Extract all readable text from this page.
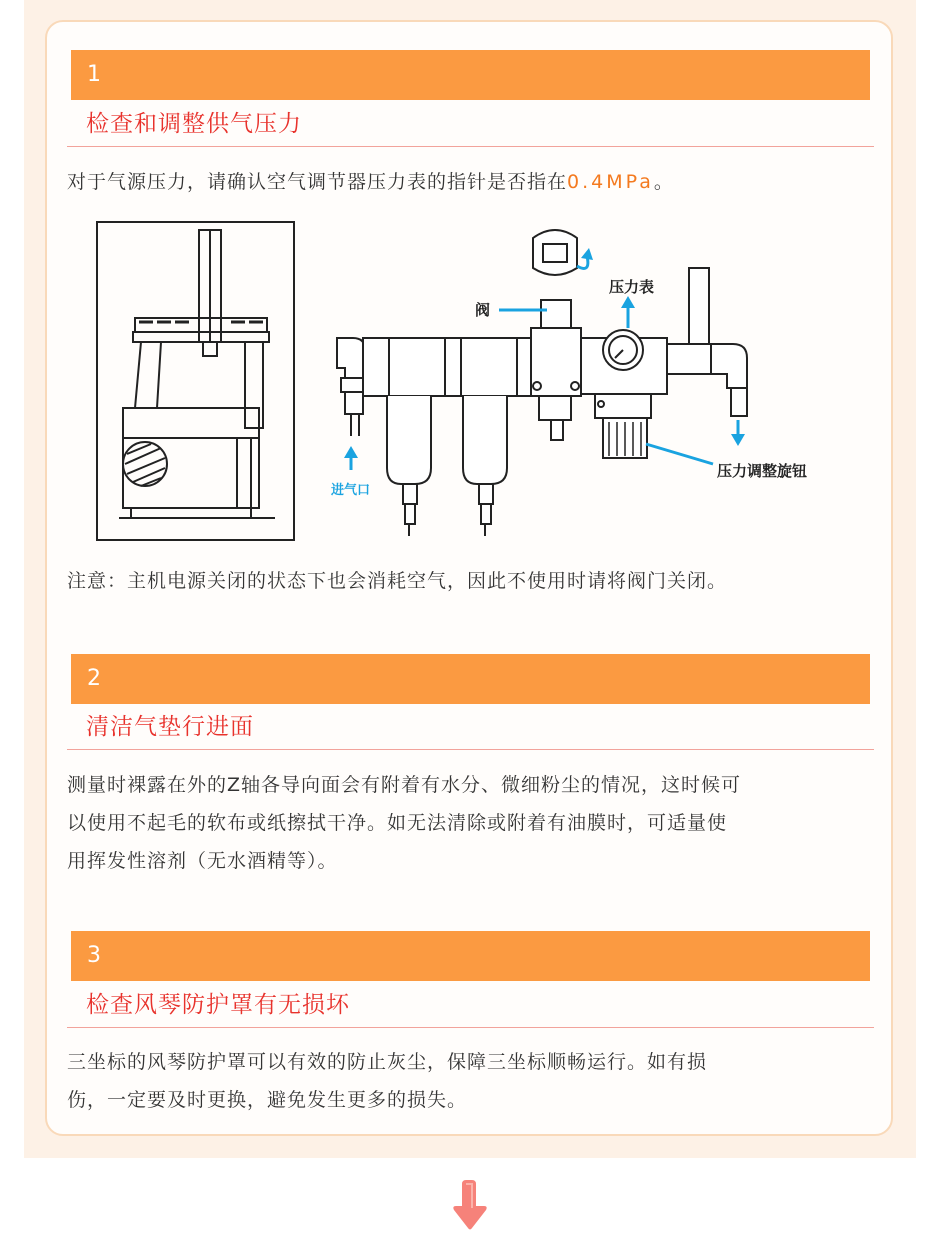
1
检查和调整供气压力
对于气源压力，请确认空气调节器压力表的指针是否指在0.4MPa。
阀
压力表
压力调整旋钮
进气口
注意：主机电源关闭的状态下也会消耗空气，因此不使用时请将阀门关闭。
2
清洁气垫行进面
测量时裸露在外的Z轴各导向面会有附着有水分、微细粉尘的情况，这时候可
以使用不起毛的软布或纸擦拭干净。如无法清除或附着有油膜时，可适量使
用挥发性溶剂（无水酒精等）。
3
检查风琴防护罩有无损坏
三坐标的风琴防护罩可以有效的防止灰尘，保障三坐标顺畅运行。如有损
伤，一定要及时更换，避免发生更多的损失。
